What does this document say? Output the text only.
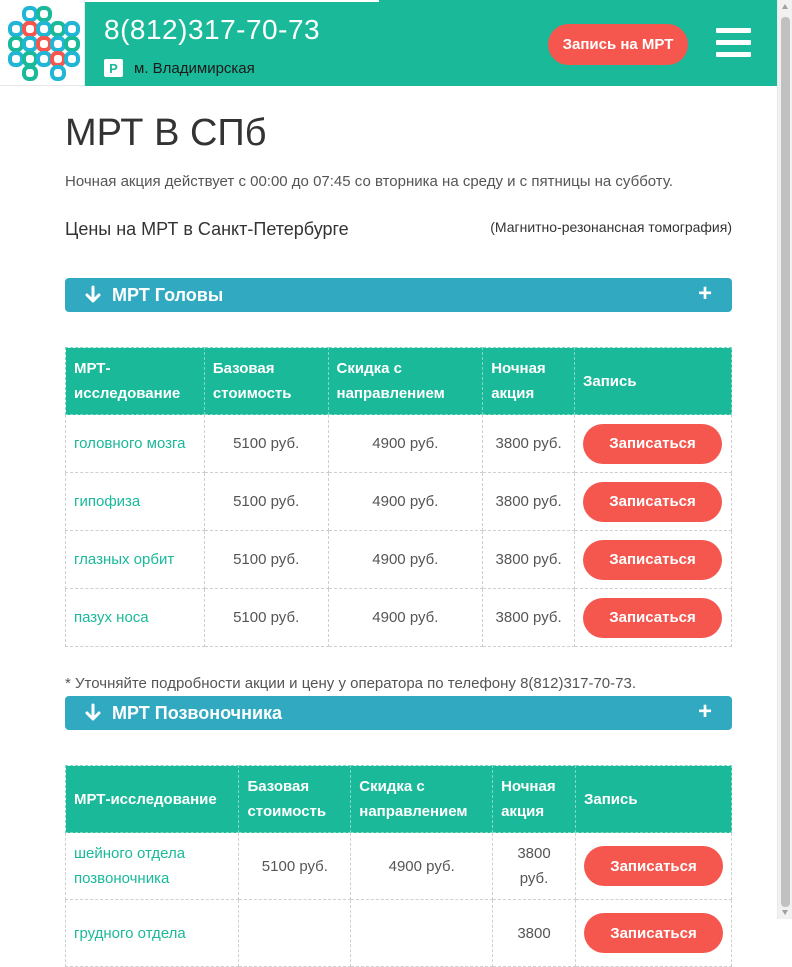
8(812)317-70-73
P	м. Владимирская
Запись на МРТ
МРТ В СПб
Ночная акция действует с 00:00 до 07:45 со вторника на среду и с пятницы на субботу.
Цены на МРТ в Санкт-Петербурге	(Магнитно-резонансная томография)
МРТ Головы	+
МРТ-исследование	Базовая стоимость	Скидка с направлением	Ночная акция	Запись
головного мозга	5100 руб.	4900 руб.	3800 руб.	Записаться

гипофиза	5100 руб.	4900 руб.	3800 руб.	Записаться

глазных орбит	5100 руб.	4900 руб.	3800 руб.	Записаться

пазух носа	5100 руб.	4900 руб.	3800 руб.	Записаться
* Уточняйте подробности акции и цену у оператора по телефону 8(812)317-70-73.
МРТ Позвоночника	+
МРТ-исследование	Базовая стоимость	Скидка с направлением	Ночная акция	Запись
шейного отдела позвоночника	5100 руб.	4900 руб.	3800 руб.	Записаться

грудного отдела			3800	Записаться
